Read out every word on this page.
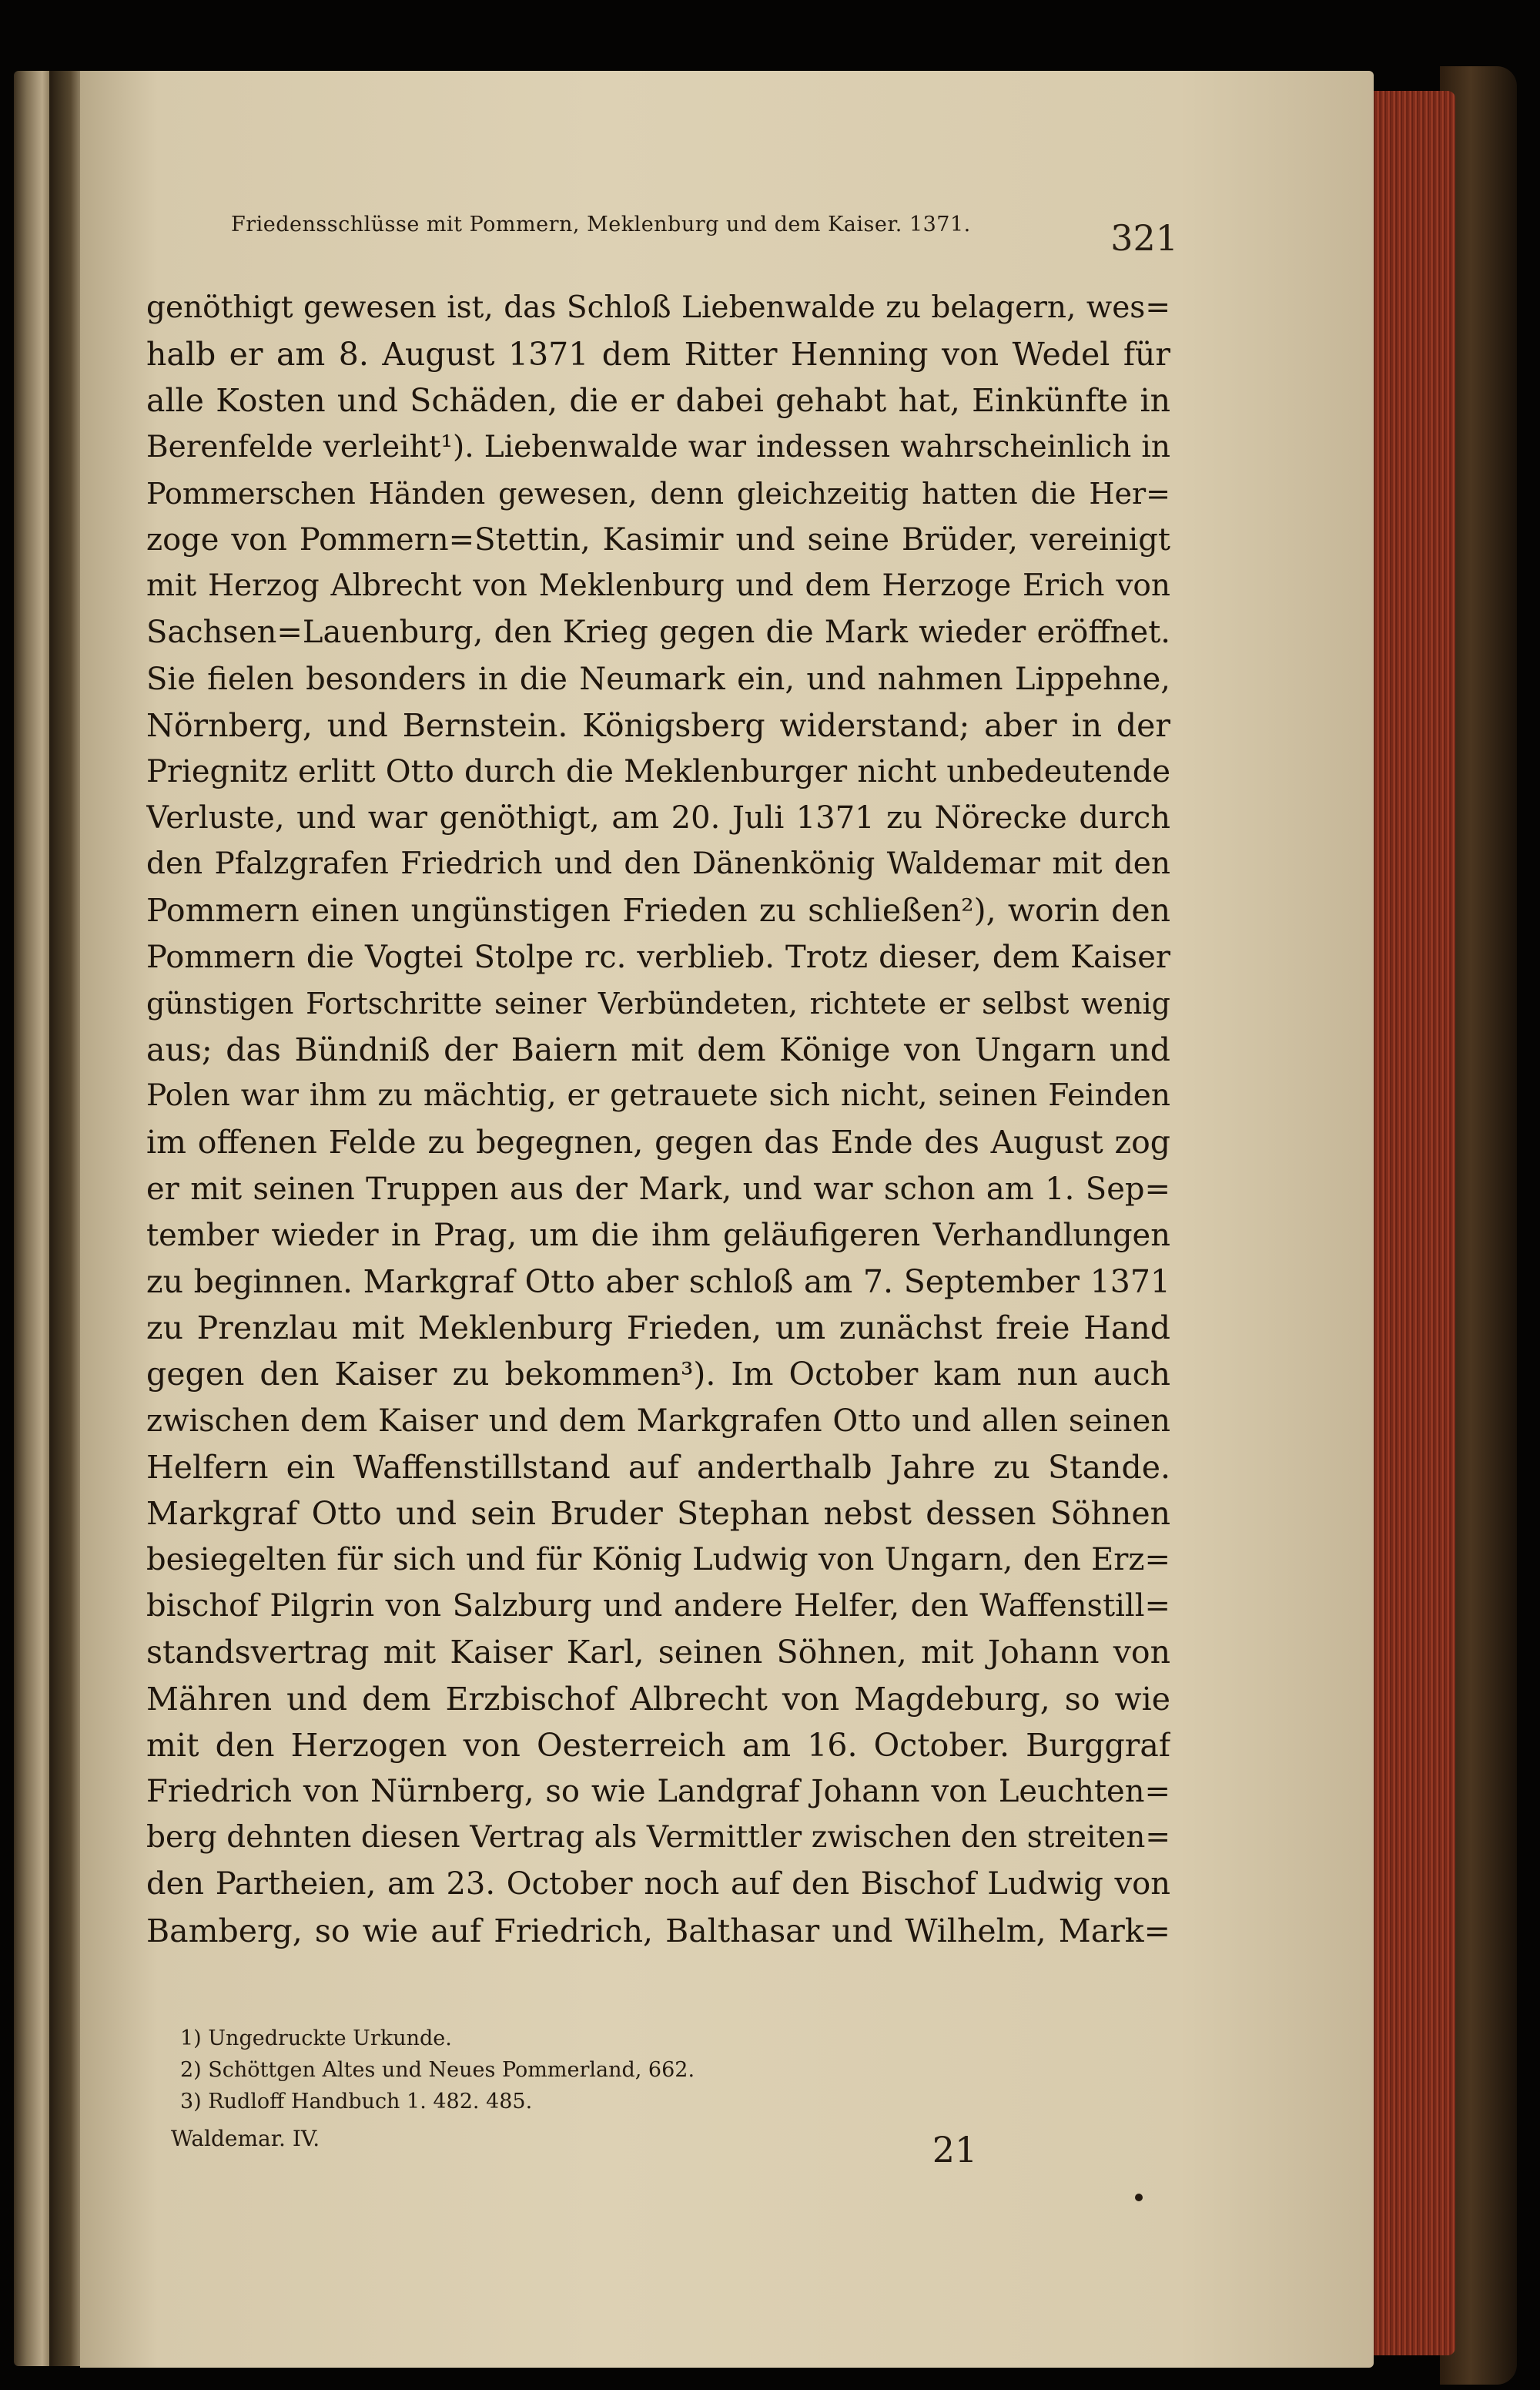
Friedensschlüsse mit Pommern, Meklenburg und dem Kaiser. 1371.	321
genöthigt gewesen ist, das Schloß Liebenwalde zu belagern, wes=
halb er am 8. August 1371 dem Ritter Henning von Wedel für
alle Kosten und Schäden, die er dabei gehabt hat, Einkünfte in
Berenfelde verleiht¹). Liebenwalde war indessen wahrscheinlich in
Pommerschen Händen gewesen, denn gleichzeitig hatten die Her=
zoge von Pommern=Stettin, Kasimir und seine Brüder, vereinigt
mit Herzog Albrecht von Meklenburg und dem Herzoge Erich von
Sachsen=Lauenburg, den Krieg gegen die Mark wieder eröffnet.
Sie fielen besonders in die Neumark ein, und nahmen Lippehne,
Nörnberg, und Bernstein. Königsberg widerstand; aber in der
Priegnitz erlitt Otto durch die Meklenburger nicht unbedeutende
Verluste, und war genöthigt, am 20. Juli 1371 zu Nörecke durch
den Pfalzgrafen Friedrich und den Dänenkönig Waldemar mit den
Pommern einen ungünstigen Frieden zu schließen²), worin den
Pommern die Vogtei Stolpe rc. verblieb. Trotz dieser, dem Kaiser
günstigen Fortschritte seiner Verbündeten, richtete er selbst wenig
aus; das Bündniß der Baiern mit dem Könige von Ungarn und
Polen war ihm zu mächtig, er getrauete sich nicht, seinen Feinden
im offenen Felde zu begegnen, gegen das Ende des August zog
er mit seinen Truppen aus der Mark, und war schon am 1. Sep=
tember wieder in Prag, um die ihm geläufigeren Verhandlungen
zu beginnen. Markgraf Otto aber schloß am 7. September 1371
zu Prenzlau mit Meklenburg Frieden, um zunächst freie Hand
gegen den Kaiser zu bekommen³). Im October kam nun auch
zwischen dem Kaiser und dem Markgrafen Otto und allen seinen
Helfern ein Waffenstillstand auf anderthalb Jahre zu Stande.
Markgraf Otto und sein Bruder Stephan nebst dessen Söhnen
besiegelten für sich und für König Ludwig von Ungarn, den Erz=
bischof Pilgrin von Salzburg und andere Helfer, den Waffenstill=
standsvertrag mit Kaiser Karl, seinen Söhnen, mit Johann von
Mähren und dem Erzbischof Albrecht von Magdeburg, so wie
mit den Herzogen von Oesterreich am 16. October. Burggraf
Friedrich von Nürnberg, so wie Landgraf Johann von Leuchten=
berg dehnten diesen Vertrag als Vermittler zwischen den streiten=
den Partheien, am 23. October noch auf den Bischof Ludwig von
Bamberg, so wie auf Friedrich, Balthasar und Wilhelm, Mark=
1) Ungedruckte Urkunde.
2) Schöttgen Altes und Neues Pommerland, 662.
3) Rudloff Handbuch 1. 482. 485.
Waldemar. IV.	21
